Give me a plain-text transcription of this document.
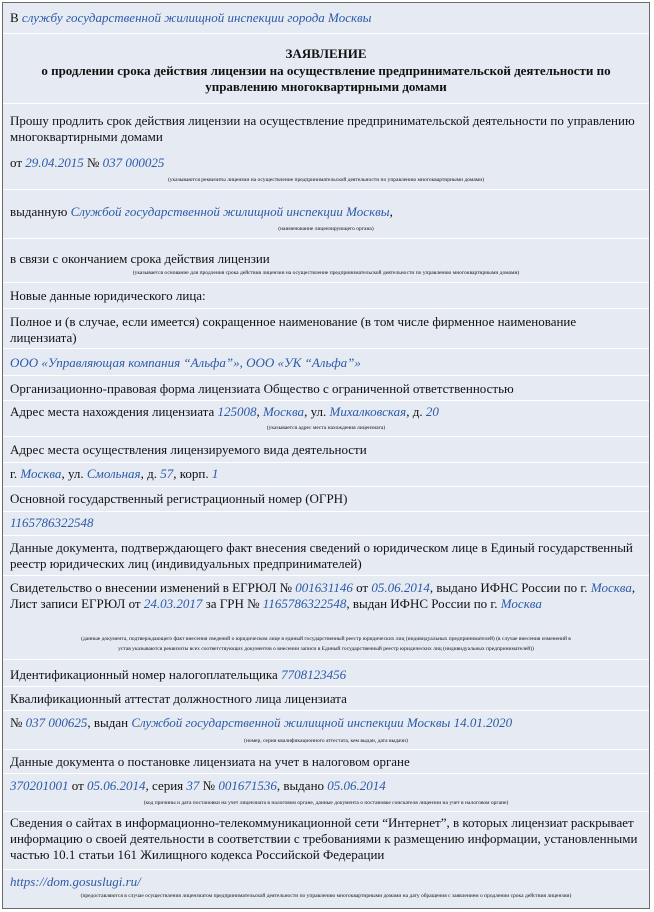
В службу государственной жилищной инспекции города Москвы
ЗАЯВЛЕНИЕ
о продлении срока действия лицензии на осуществление предпринимательской деятельности по управлению многоквартирными домами
Прошу продлить срок действия лицензии на осуществление предпринимательской деятельности по управлению многоквартирными домами
от 29.04.2015 № 037 000025
(указываются реквизиты лицензии на осуществление предпринимательской деятельности по управлению многоквартирными домами)
выданную Службой государственной жилищной инспекции Москвы,
(наименование лицензирующего органа)
в связи с окончанием срока действия лицензии
(указывается основание для продления срока действия лицензии на осуществление предпринимательской деятельности по управлению многоквартирными домами)
Новые данные юридического лица:
Полное и (в случае, если имеется) сокращенное наименование (в том числе фирменное наименование лицензиата)
ООО «Управляющая компания “Альфа”», ООО «УК “Альфа”»
Организационно-правовая форма лицензиата Общество с ограниченной ответственностью
Адрес места нахождения лицензиата 125008, Москва, ул. Михалковская, д. 20
(указывается адрес места нахождения лицензиата)
Адрес места осуществления лицензируемого вида деятельности
г. Москва, ул. Смольная, д. 57, корп. 1
Основной государственный регистрационный номер (ОГРН)
1165786322548
Данные документа, подтверждающего факт внесения сведений о юридическом лице в Единый государственный реестр юридических лиц (индивидуальных предпринимателей)
Свидетельство о внесении изменений в ЕГРЮЛ № 001631146 от 05.06.2014, выдано ИФНС России по г. Москва, Лист записи ЕГРЮЛ от 24.03.2017 за ГРН № 1165786322548, выдан ИФНС России по г. Москва
(данные документа, подтверждающего факт внесения сведений о юридическом лице в единый государственный реестр юридических лиц (индивидуальных предпринимателей) (в случае внесения изменений в
устав указываются реквизиты всех соответствующих документов о внесении записи в Единый государственный реестр юридических лиц (индивидуальных предпринимателей))
Идентификационный номер налогоплательщика 7708123456
Квалификационный аттестат должностного лица лицензиата
№ 037 000625, выдан Службой государственной жилищной инспекции Москвы 14.01.2020
(номер, серия квалификационного аттестата, кем выдан, дата выдачи)
Данные документа о постановке лицензиата на учет в налоговом органе
370201001 от 05.06.2014, серия 37 № 001671536, выдано 05.06.2014
(код причины и дата постановки на учет лицензиата в налоговом органе, данные документа о постановке соискателя лицензии на учет в налоговом органе)
Сведения о сайтах в информационно-телекоммуникационной сети “Интернет”, в которых лицензиат раскрывает информацию о своей деятельности в соответствии с требованиями к размещению информации, установленными частью 10.1 статьи 161 Жилищного кодекса Российской Федерации
https://dom.gosuslugi.ru/
(предоставляются в случае осуществления лицензиатом предпринимательской деятельности по управлению многоквартирными домами на дату обращения с заявлением о продлении срока действия лицензии)
